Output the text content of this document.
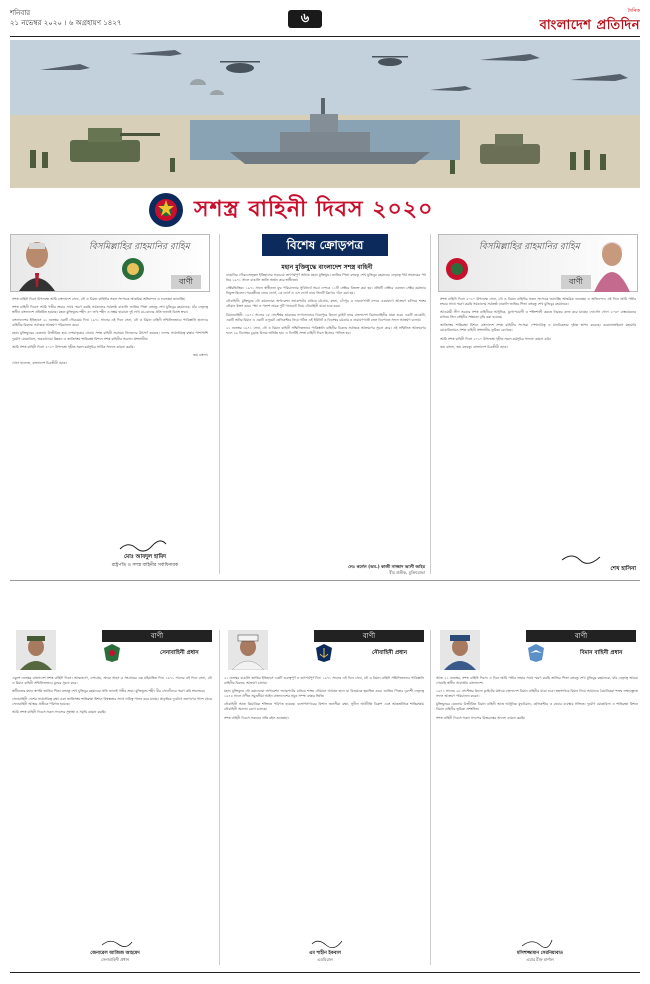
শনিবার
২১ নভেম্বর ২০২০ । ৬ অগ্রহায়ণ ১৪২৭	৬	দৈনিক
বাংলাদেশ প্রতিদিন
সশস্ত্র বাহিনী দিবস ২০২০
বিসমিল্লাহির রাহমানির রাহিম
বাণী

সশস্ত্র বাহিনী দিবস উপলক্ষে আমি বাংলাদেশ সেনা, নৌ ও বিমান বাহিনীর সকল সদস্যকে আন্তরিক অভিনন্দন ও শুভেচ্ছা জানাচ্ছি।

সশস্ত্র বাহিনী দিবসে আমি গভীর শ্রদ্ধার সাথে স্মরণ করছি সর্বকালের সর্বশ্রেষ্ঠ বাঙালি জাতির পিতা বঙ্গবন্ধু শেখ মুজিবুর রহমানকে, যাঁর নেতৃত্বে স্বাধীন বাংলাদেশ প্রতিষ্ঠিত হয়েছে। মহান মুক্তিযুদ্ধে শহীদ ৩০ লাখ শহীদ ও সম্ভ্রম হারানো দুই লাখ মা-বোনের প্রতি জানাই বিনম্র শ্রদ্ধা।

বাংলাদেশের ইতিহাসে ২১ নভেম্বর একটি গৌরবময় দিন। ১৯৭১ সালের এই দিনে সেনা, নৌ ও বিমান বাহিনী সম্মিলিতভাবে পাকিস্তানি হানাদার বাহিনীর বিরুদ্ধে সর্বাত্মক আক্রমণ পরিচালনা করে।

মহান মুক্তিযুদ্ধের চেতনায় উজ্জীবিত হয়ে দেশমাতৃকার সেবায় সশস্ত্র বাহিনী সবসময় নিজেদের উৎসর্গ করেছে। দেশের সার্বভৌমত্ব রক্ষার পাশাপাশি দুর্যোগ মোকাবিলা, অবকাঠামো উন্নয়ন ও জাতিসংঘ শান্তিরক্ষা মিশনে সশস্ত্র বাহিনীর অবদান প্রশংসনীয়।

আমি সশস্ত্র বাহিনী দিবস ২০২০ উপলক্ষে গৃহীত সকল কর্মসূচির সার্বিক সাফল্য কামনা করছি।

জয় বাংলা।

খোদা হাফেজ, বাংলাদেশ চিরজীবী হোক।

মোঃ আবদুল হামিদ
রাষ্ট্রপতি ও সশস্ত্র বাহিনীর সর্বাধিনায়ক
বিশেষ ক্রোড়পত্র
মহান মুক্তিযুদ্ধে বাংলাদেশ সশস্ত্র বাহিনী

বাঙালির গৌরবোজ্জ্বল ইতিহাসের সবচেয়ে তাৎপর্যপূর্ণ অধ্যায় মহান মুক্তিযুদ্ধ। জাতির পিতা বঙ্গবন্ধু শেখ মুজিবুর রহমানের নেতৃত্বে দীর্ঘ সংগ্রামের পথ ধরে ১৯৭১ সালে বাঙালি জাতি অর্জন করে স্বাধীনতা।

সেক্টরভিত্তিক: ১৯৭১ সালে স্বাধীনতা যুদ্ধ পরিচালনার সুবিধার্থে সমগ্র দেশকে ১১টি সেক্টরে বিভক্ত করা হয়। প্রতিটি সেক্টরে একজন সেক্টর কমান্ডার নিযুক্ত ছিলেন। পরবর্তীতে জেড ফোর্স, কে ফোর্স ও এস ফোর্স নামে তিনটি ব্রিগেড গঠন করা হয়।

নৌবাহিনী: মুক্তিযুদ্ধে নৌ কমান্ডোরা অপারেশন জ্যাকপটের মাধ্যমে চট্টগ্রাম, মংলা, চাঁদপুর ও নারায়ণগঞ্জ বন্দরে একযোগে আক্রমণ চালিয়ে শত্রুর নৌযান ধ্বংস করে। পদ্মা ও পলাশ নামক দুটি গানবোট নিয়ে নৌবাহিনী যাত্রা শুরু করে।

বিমানবাহিনী: ১৯৭১ সালের ২৮ সেপ্টেম্বর ভারতের নাগাল্যান্ডের ডিমাপুরে কিলো ফ্লাইট নামে বাংলাদেশ বিমানবাহিনীর যাত্রা শুরু। একটি ডাকোটা, একটি অটার বিমান ও একটি এলুয়েট হেলিকপ্টার নিয়ে গঠিত এই ইউনিট ৩ ডিসেম্বর চট্টগ্রাম ও নারায়ণগঞ্জে তেল ডিপোতে সফল আক্রমণ চালায়।

২১ নভেম্বর ১৯৭১ সেনা, নৌ ও বিমান বাহিনী সম্মিলিতভাবে পাকিস্তানি বাহিনীর বিরুদ্ধে সর্বাত্মক আক্রমণের সূচনা করে। এই সম্মিলিত আক্রমণের ফলে ১৬ ডিসেম্বর চূড়ান্ত বিজয় অর্জিত হয়। এ দিনটিই সশস্ত্র বাহিনী দিবস হিসেবে পালিত হয়।

লেঃ কর্নেল (অব.) কাজী সাজ্জাদ আলী জহির
বীর প্রতীক, মুক্তিযোদ্ধা
বিসমিল্লাহির রাহমানির রাহিম
বাণী

সশস্ত্র বাহিনী দিবস ২০২০ উপলক্ষে সেনা, নৌ ও বিমান বাহিনীর সকল সদস্যকে জানাচ্ছি আন্তরিক শুভেচ্ছা ও অভিনন্দন। এই দিনে আমি গভীর শ্রদ্ধার সাথে স্মরণ করছি সর্বকালের সর্বশ্রেষ্ঠ বাঙালি জাতির পিতা বঙ্গবন্ধু শেখ মুজিবুর রহমানকে।

আওয়ামী লীগ সরকার সশস্ত্র বাহিনীকে আধুনিক, যুগোপযোগী ও শক্তিশালী করতে নিরন্তর কাজ করে যাচ্ছে। ফোর্সেস গোল ২০৩০ বাস্তবায়নের মাধ্যমে তিন বাহিনীর সক্ষমতা বৃদ্ধি করা হয়েছে।

জাতিসংঘ শান্তিরক্ষা মিশনে বাংলাদেশ সশস্ত্র বাহিনীর সদস্যরা পেশাদারিত্ব ও মানবিকতার দৃষ্টান্ত স্থাপন করেছে। করোনাভাইরাস মহামারি মোকাবিলায়ও সশস্ত্র বাহিনী প্রশংসনীয় ভূমিকা রেখেছে।

আমি সশস্ত্র বাহিনী দিবস ২০২০ উপলক্ষে গৃহীত সকল কর্মসূচির সাফল্য কামনা করি।

জয় বাংলা, জয় বঙ্গবন্ধু। বাংলাদেশ চিরজীবী হোক।

শেখ হাসিনা
বাণী
সেনাবাহিনী প্রধান

একুশে নভেম্বর বাংলাদেশ সশস্ত্র বাহিনী দিবস। আত্মত্যাগ, দেশপ্রেম, অদম্য সাহস ও সংগ্রামের এক মহিমান্বিত দিন। ১৯৭১ সালের এই দিনে সেনা, নৌ ও বিমান বাহিনী সম্মিলিতভাবে যুদ্ধের সূচনা করে।

স্বাধীনতার মহান স্থপতি জাতির পিতা বঙ্গবন্ধু শেখ মুজিবুর রহমানের প্রতি জানাই গভীর শ্রদ্ধা। মুক্তিযুদ্ধে শহীদ বীর সেনানীদের স্মরণ করি শ্রদ্ধাভরে।

সেনাবাহিনী দেশের সার্বভৌমত্ব রক্ষা এবং জাতিসংঘ শান্তিরক্ষা মিশনে বিশ্বস্ততার সাথে দায়িত্ব পালন করে যাচ্ছে। প্রাকৃতিক দুর্যোগে জনগণের পাশে থেকে সেনাবাহিনী আস্থার প্রতীকে পরিণত হয়েছে।

আমি সশস্ত্র বাহিনী দিবসে সকল সদস্যের সুস্বাস্থ্য ও সমৃদ্ধি কামনা করছি।

জেনারেল আজিজ আহমেদ
সেনাবাহিনী প্রধান
বাণী
নৌবাহিনী প্রধান

২১ নভেম্বর বাঙালি জাতির ইতিহাসে একটি গুরুত্বপূর্ণ ও তাৎপর্যপূর্ণ দিন। ১৯৭১ সালের এই দিনে সেনা, নৌ ও বিমান বাহিনী সম্মিলিতভাবে পাকিস্তানি বাহিনীর বিরুদ্ধে আক্রমণ চালায়।

মহান মুক্তিযুদ্ধে নৌ কমান্ডোরা অপারেশন জ্যাকপটের মাধ্যমে শত্রুর নৌযানে আঘাত হানে যা বিজয়কে ত্বরান্বিত করে। জাতির পিতার দূরদর্শী নেতৃত্বে ১৯৭৪ সালে প্রণীত সমুদ্রসীমা আইন বাংলাদেশের সমুদ্র সম্পদ রক্ষার ভিত্তি।

নৌবাহিনী আজ ত্রিমাত্রিক শক্তিতে পরিণত হয়েছে। বঙ্গোপসাগরের বিশাল জলসীমা রক্ষা, সুনীল অর্থনীতি বিকাশ এবং আন্তর্জাতিক শান্তিরক্ষায় নৌবাহিনী অবদান রেখে চলেছে।

সশস্ত্র বাহিনী দিবসে সকলের প্রতি রইল শুভেচ্ছা।

এম শাহীন ইকবাল
এডমিরাল
বাণী
বিমান বাহিনী প্রধান

আজ ২১ নভেম্বর, সশস্ত্র বাহিনী দিবস। এ দিনে আমি গভীর শ্রদ্ধার সাথে স্মরণ করছি জাতির পিতা বঙ্গবন্ধু শেখ মুজিবুর রহমানকে, যাঁর নেতৃত্বে আমরা পেয়েছি স্বাধীন সার্বভৌম বাংলাদেশ।

১৯৭১ সালের ২৮ সেপ্টেম্বর কিলো ফ্লাইটের মাধ্যমে বাংলাদেশ বিমান বাহিনীর যাত্রা শুরু। স্বল্পসংখ্যক বিমান নিয়ে আমাদের বৈমানিকরা শত্রুর লক্ষ্যবস্তুতে সফল আক্রমণ পরিচালনা করেন।

মুক্তিযুদ্ধের চেতনায় উজ্জীবিত বিমান বাহিনী আজ আধুনিক যুদ্ধবিমান, হেলিকপ্টার ও রাডার ব্যবস্থায় সজ্জিত। দুর্যোগ মোকাবিলা ও শান্তিরক্ষা মিশনে বিমান বাহিনীর ভূমিকা প্রশংসিত।

সশস্ত্র বাহিনী দিবসে সকল সদস্যের উত্তরোত্তর সাফল্য কামনা করছি।

মসিহুজ্জামান সেরনিয়াবাত
এয়ার চীফ মার্শাল
